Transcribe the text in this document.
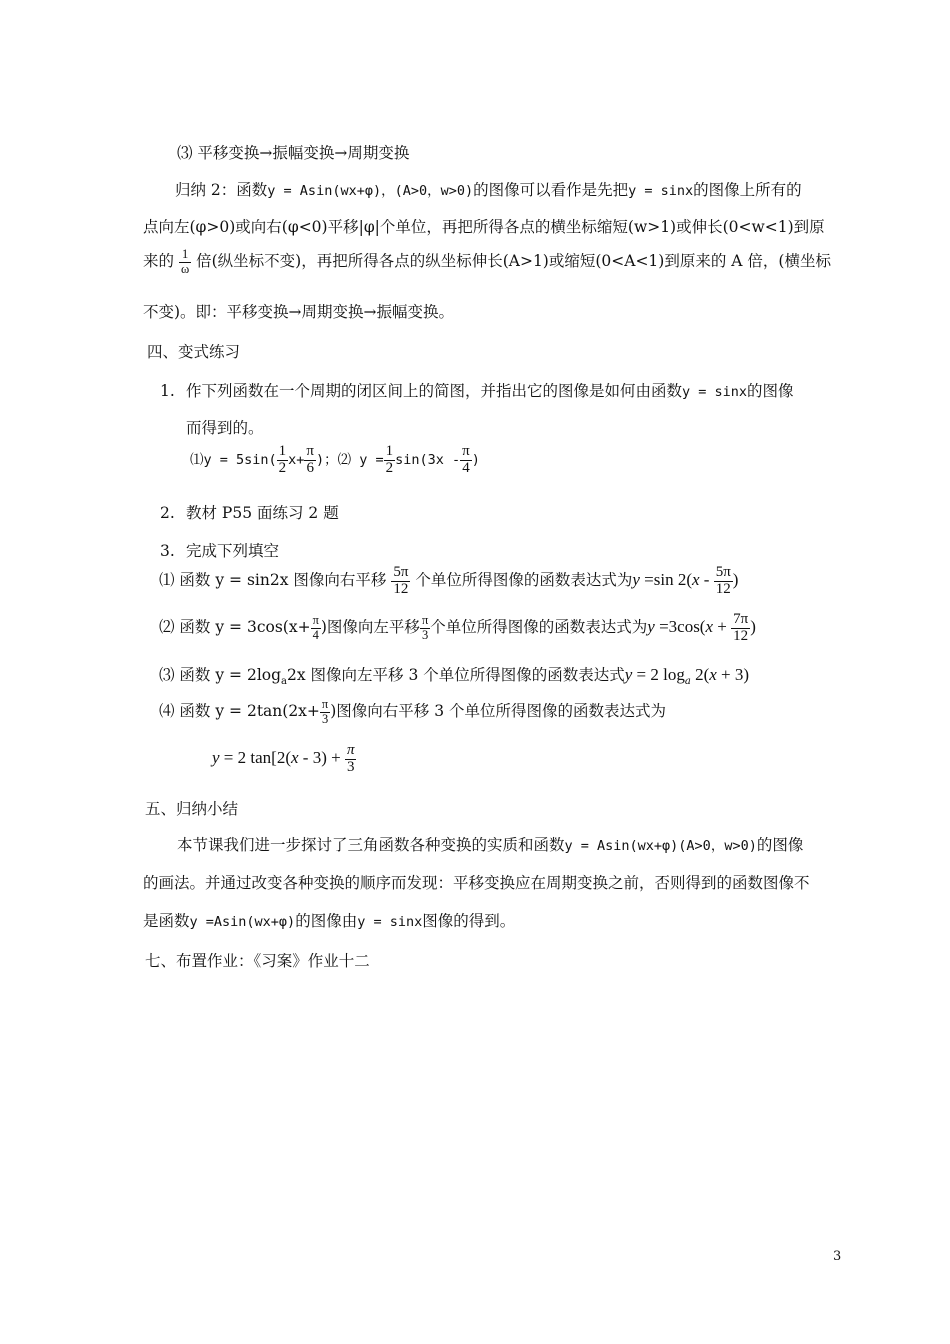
⑶ 平移变换→振幅变换→周期变换
归纳 2：函数y = Asin(wx+φ)，(A>0，w>0)的图像可以看作是先把y = sinx的图像上所有的
点向左(φ>0)或向右(φ<0)平移|φ|个单位，再把所得各点的横坐标缩短(w>1)或伸长(0<w<1)到原
来的 $\frac{1}{\omega}$ 倍(纵坐标不变)，再把所得各点的纵坐标伸长(A>1)或缩短(0<A<1)到原来的 A 倍，(横坐标
不变)。即：平移变换→周期变换→振幅变换。
四、变式练习
1. 作下列函数在一个周期的闭区间上的简图，并指出它的图像是如何由函数y = sinx的图像
而得到的。
⑴y = $5\sin( \frac{1}{2} x+ \frac{\pi}{6}$ )；⑵ $y = \frac{1}{2} \sin(3x - \frac{\pi}{4}$ )
2. 教材 P55 面练习 2 题
3. 完成下列填空
⑴ 函数 y = sin2x 图像向右平移 $\frac{5\pi}{12}$ 个单位所得图像的函数表达式为y =sin $2(x - \frac{5\pi}{12}$ )
⑵ 函数 $y = 3\cos(x+ \frac{\pi}{4}$ )图像向左平移 $\frac{\pi}{3}$ 个单位所得图像的函数表达式为$y =3\cos(x + \frac{7\pi}{12}$ )
⑶ 函数 $y = 2\log_a2x$ 图像向左平移 3 个单位所得图像的函数表达式y = 2 $\log_a 2(x + 3)$
⑷ 函数 $y = 2\tan(2x+ \frac{\pi}{3}$ )图像向右平移 3 个单位所得图像的函数表达式为
y = 2 $\tan[2(x - 3) + \frac{\pi}{3}$
五、归纳小结
本节课我们进一步探讨了三角函数各种变换的实质和函数y = Asin(wx+φ)(A>0，w>0)的图像
的画法。并通过改变各种变换的顺序而发现：平移变换应在周期变换之前，否则得到的函数图像不
是函数y =Asin(wx+φ)的图像由y = sinx图像的得到。
七、布置作业：《习案》作业十二
3
